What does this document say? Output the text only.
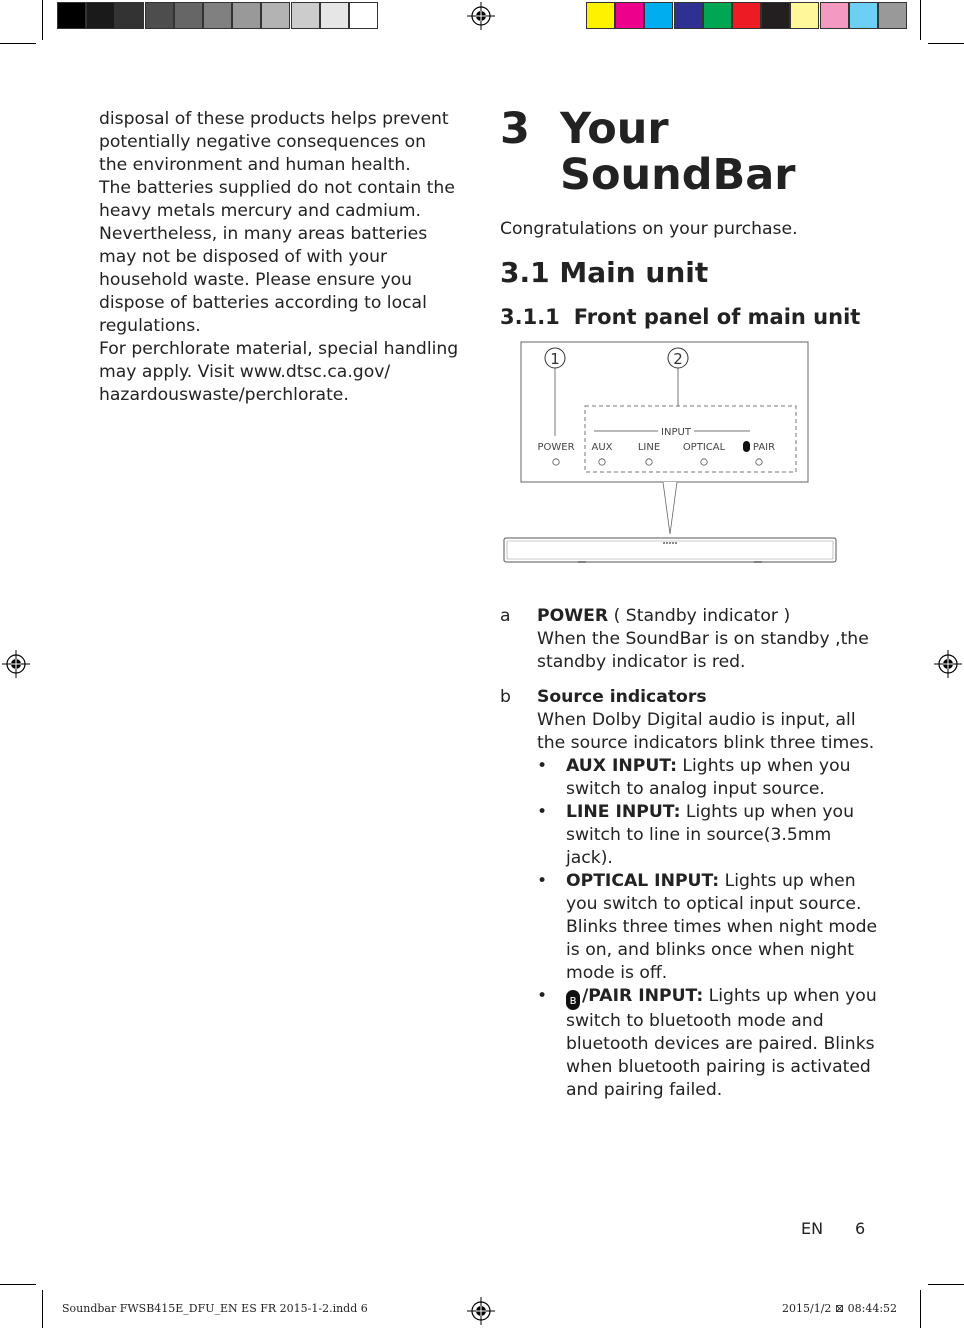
disposal of these products helps prevent potentially negative consequences on the environment and human health.

The batteries supplied do not contain the heavy metals mercury and cadmium. Nevertheless, in many areas batteries may not be disposed of with your household waste. Please ensure you dispose of batteries according to local regulations.

For perchlorate material, special handling may apply. Visit www.dtsc.ca.gov/ hazardouswaste/perchlorate.

3 Your
SoundBar
Congratulations on your purchase.
3.1 Main unit
3.1.1 Front panel of main unit
1	2
INPUT
POWER AUX	LINE OPTICAL	PAIR
a POWER ( Standby indicator )
When the SoundBar is on standby ,the standby indicator is red.
b Source indicators
When Dolby Digital audio is input, all the source indicators blink three times.
• AUX INPUT: Lights up when you switch to analog input source.
• LINE INPUT: Lights up when you switch to line in source(3.5mm jack).
• OPTICAL INPUT: Lights up when you switch to optical input source. Blinks three times when night mode is on, and blinks once when night mode is off.
• ʙ /PAIR INPUT: Lights up when you switch to bluetooth mode and bluetooth devices are paired. Blinks when bluetooth pairing is activated and pairing failed.
EN 6
Soundbar FWSB415E_DFU_EN ES FR 2015-1-2.indd 6	2015/1/2 ⊠ 08:44:52
